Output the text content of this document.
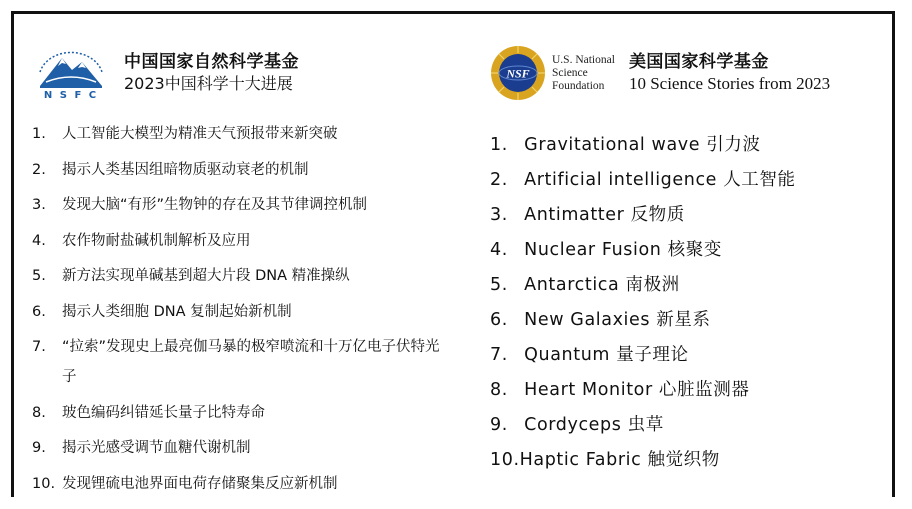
N S F C
中国国家自然科学基金
2023中国科学十大进展
1.	人工智能大模型为精准天气预报带来新突破
2.	揭示人类基因组暗物质驱动衰老的机制
3.	发现大脑“有形”生物钟的存在及其节律调控机制
4.	农作物耐盐碱机制解析及应用
5.	新方法实现单碱基到超大片段 DNA 精准操纵
6.	揭示人类细胞 DNA 复制起始新机制
7.	“拉索”发现史上最亮伽马暴的极窄喷流和十万亿电子伏特光子
8.	玻色编码纠错延长量子比特寿命
9.	揭示光感受调节血糖代谢机制
10. 发现锂硫电池界面电荷存储聚集反应新机制
NSF
U.S. National
Science
Foundation
美国国家科学基金
10 Science Stories from 2023
1. Gravitational wave 引力波
2. Artificial intelligence 人工智能
3. Antimatter 反物质
4. Nuclear Fusion 核聚变
5. Antarctica 南极洲
6. New Galaxies 新星系
7. Quantum 量子理论
8. Heart Monitor 心脏监测器
9. Cordyceps 虫草
10.Haptic Fabric 触觉织物
